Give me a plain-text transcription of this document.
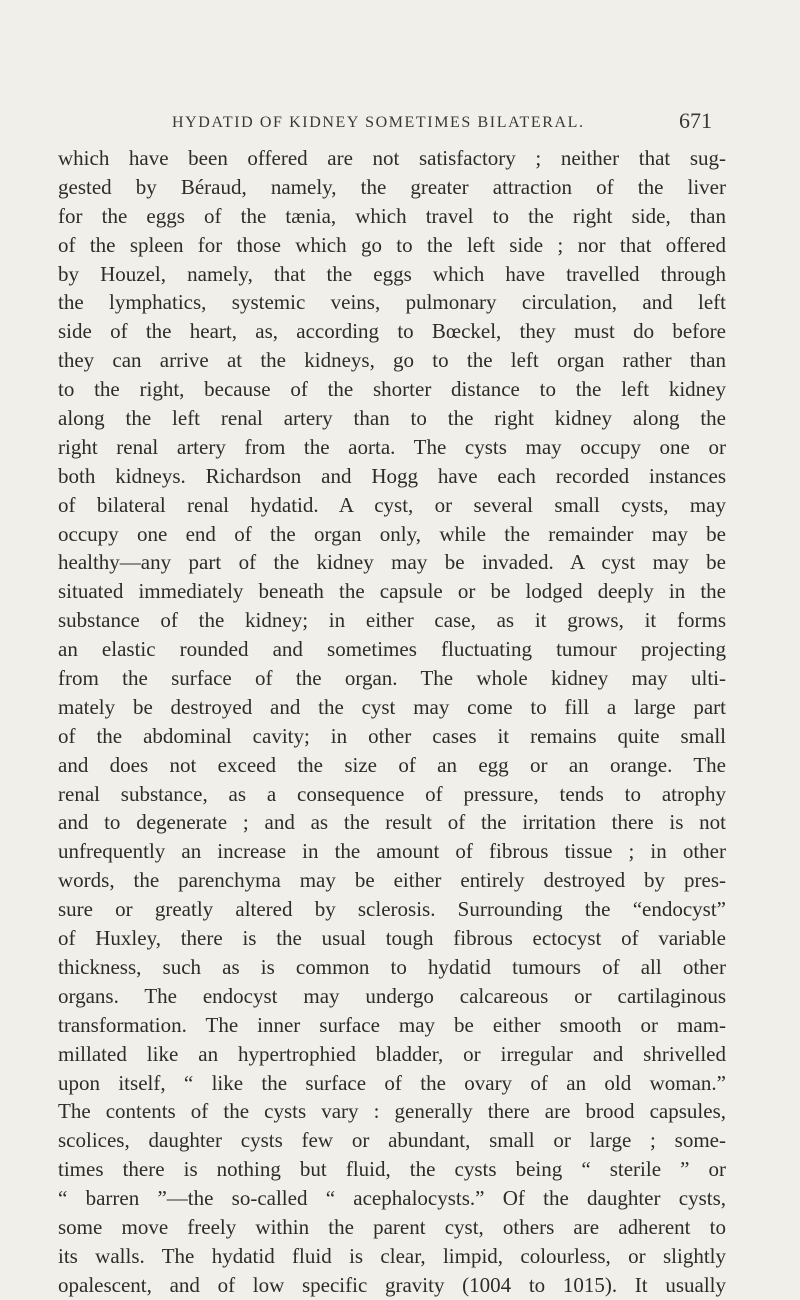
HYDATID OF KIDNEY SOMETIMES BILATERAL.	671
which have been offered are not satisfactory ; neither that sug-
gested by Béraud, namely, the greater attraction of the liver
for the eggs of the tænia, which travel to the right side, than
of the spleen for those which go to the left side ; nor that offered
by Houzel, namely, that the eggs which have travelled through
the lymphatics, systemic veins, pulmonary circulation, and left
side of the heart, as, according to Bœckel, they must do before
they can arrive at the kidneys, go to the left organ rather than
to the right, because of the shorter distance to the left kidney
along the left renal artery than to the right kidney along the
right renal artery from the aorta. The cysts may occupy one or
both kidneys. Richardson and Hogg have each recorded instances
of bilateral renal hydatid. A cyst, or several small cysts, may
occupy one end of the organ only, while the remainder may be
healthy—any part of the kidney may be invaded. A cyst may be
situated immediately beneath the capsule or be lodged deeply in the
substance of the kidney; in either case, as it grows, it forms
an elastic rounded and sometimes fluctuating tumour projecting
from the surface of the organ. The whole kidney may ulti-
mately be destroyed and the cyst may come to fill a large part
of the abdominal cavity; in other cases it remains quite small
and does not exceed the size of an egg or an orange. The
renal substance, as a consequence of pressure, tends to atrophy
and to degenerate ; and as the result of the irritation there is not
unfrequently an increase in the amount of fibrous tissue ; in other
words, the parenchyma may be either entirely destroyed by pres-
sure or greatly altered by sclerosis. Surrounding the “endocyst”
of Huxley, there is the usual tough fibrous ectocyst of variable
thickness, such as is common to hydatid tumours of all other
organs. The endocyst may undergo calcareous or cartilaginous
transformation. The inner surface may be either smooth or mam-
millated like an hypertrophied bladder, or irregular and shrivelled
upon itself, “ like the surface of the ovary of an old woman.”
The contents of the cysts vary : generally there are brood capsules,
scolices, daughter cysts few or abundant, small or large ; some-
times there is nothing but fluid, the cysts being “ sterile ” or
“ barren ”—the so-called “ acephalocysts.” Of the daughter cysts,
some move freely within the parent cyst, others are adherent to
its walls. The hydatid fluid is clear, limpid, colourless, or slightly
opalescent, and of low specific gravity (1004 to 1015). It usually
